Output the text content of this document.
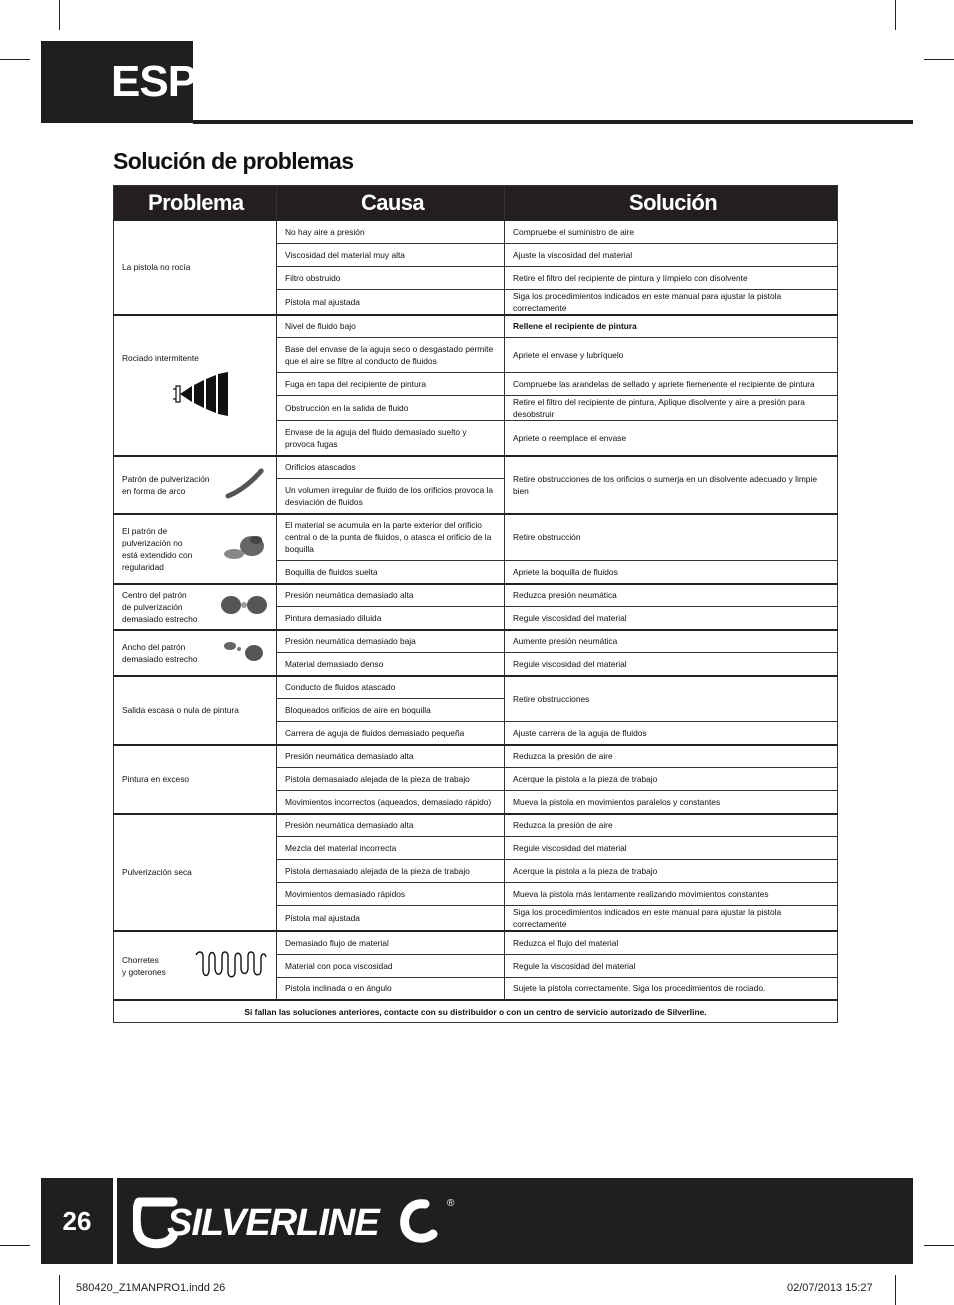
ESP
Solución de problemas
Problema	Causa	Solución

La pistola no rocía	No hay aire a presión	Compruebe el suministro de aire
	Viscosidad del material muy alta	Ajuste la viscosidad del material
	Filtro obstruido	Retire el filtro del recipiente de pintura y límpielo con disolvente
	Pistola mal ajustada	Siga los procedimientos indicados en este manual para ajustar la pistola correctamente

Rociado intermitente	Nivel de fluido bajo	Rellene el recipiente de pintura
	Base del envase de la aguja seco o desgastado permite que el aire se filtre al conducto de fluidos	Apriete el envase y lubríquelo
	Fuga en tapa del recipiente de pintura	Compruebe las arandelas de sellado y apriete fiemenente el recipiente de pintura
	Obstrucción en la salida de fluido	Retire el filtro del recipiente de pintura, Aplique disolvente y aire a presión para desobstruir
	Envase de la aguja del fluido demasiado suelto y provoca fugas	Apriete o reemplace el envase

Patrón de pulverización
en forma de arco	Orificios atascados	Retire obstrucciones de los orificios o sumerja en un disolvente adecuado y limpie bien
	Un volumen irregular de fluido de los orificios provoca la desviación de fluidos	

El patrón de
pulverización no
está extendido con
regularidad	El material se acumula en la parte exterior del orificio central o de la punta de fluidos, o atasca el orificio de la boquilla	Retire obstrucción
	Boquilla de fluidos suelta	Apriete la boquilla de fluidos

Centro del patrón
de pulverización
demasiado estrecho	Presión neumática demasiado alta	Reduzca presión neumática
	Pintura demasiado diluida	Regule viscosidad del material

Ancho del patrón
demasiado estrecho	Presión neumática demasiado baja	Aumente presión neumática
	Material demasiado denso	Regule viscosidad del material

Salida escasa o nula de pintura	Conducto de fluidos atascado	Retire obstrucciones
	Bloqueados orificios de aire en boquilla	
	Carrera de aguja de fluidos demasiado pequeña	Ajuste carrera de la aguja de fluidos

Pintura en exceso	Presión neumática demasiado alta	Reduzca la presión de aire
	Pistola demasaiado alejada de la pieza de trabajo	Acerque la pistola a la pieza de trabajo
	Movimientos incorrectos (aqueados, demasiado rápido)	Mueva la pistola en movimientos paralelos y constantes

Pulverización seca	Presión neumática demasiado alta	Reduzca la presión de aire
	Mezcla del material incorrecta	Regule viscosidad del material
	Pistola demasaiado alejada de la pieza de trabajo	Acerque la pistola a la pieza de trabajo
	Movimientos demasiado rápidos	Mueva la pistola más lentamente realizando movimientos constantes
	Pistola mal ajustada	Siga los procedimientos indicados en este manual para ajustar la pistola correctamente

Chorretes
y goterones	Demasiado flujo de material	Reduzca el flujo del material
	Material con poca viscosidad	Regule la viscosidad del material
	Pistola inclinada o en ángulo	Sujete la pistola correctamente. Siga los procedimientos de rociado.
Si fallan las soluciones anteriores, contacte con su distribuidor o con un centro de servicio autorizado de Silverline.		
26	SILVERLINE	®
580420_Z1MANPRO1.indd 26	02/07/2013 15:27
